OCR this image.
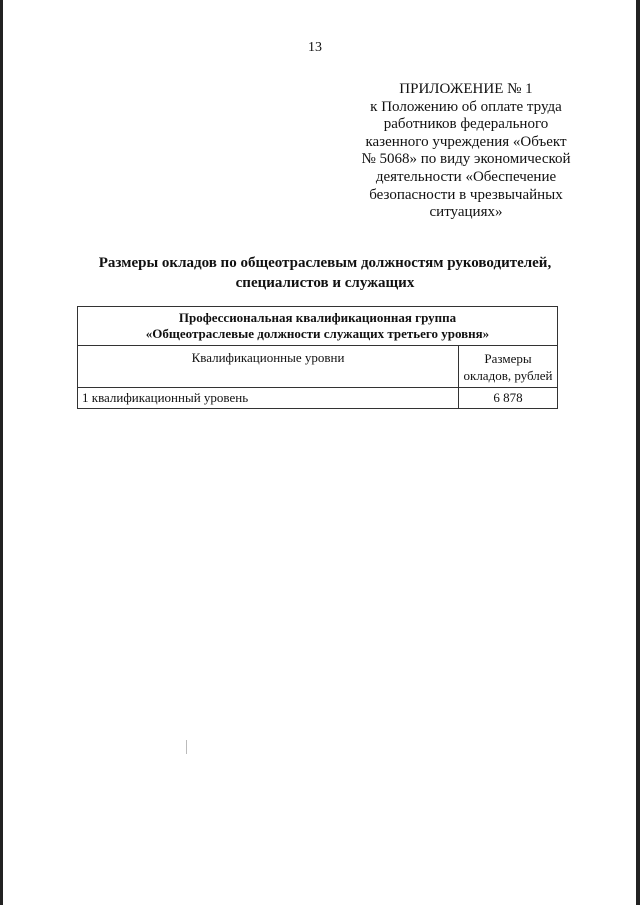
13
ПРИЛОЖЕНИЕ № 1
к Положению об оплате труда
работников федерального
казенного учреждения «Объект
№ 5068» по виду экономической
деятельности «Обеспечение
безопасности в чрезвычайных
ситуациях»
Размеры окладов по общеотраслевым должностям руководителей,
специалистов и служащих
Профессиональная квалификационная группа
«Общеотраслевые должности служащих третьего уровня»	

Квалификационные уровни	Размеры окладов, рублей
1 квалификационный уровень	6 878
